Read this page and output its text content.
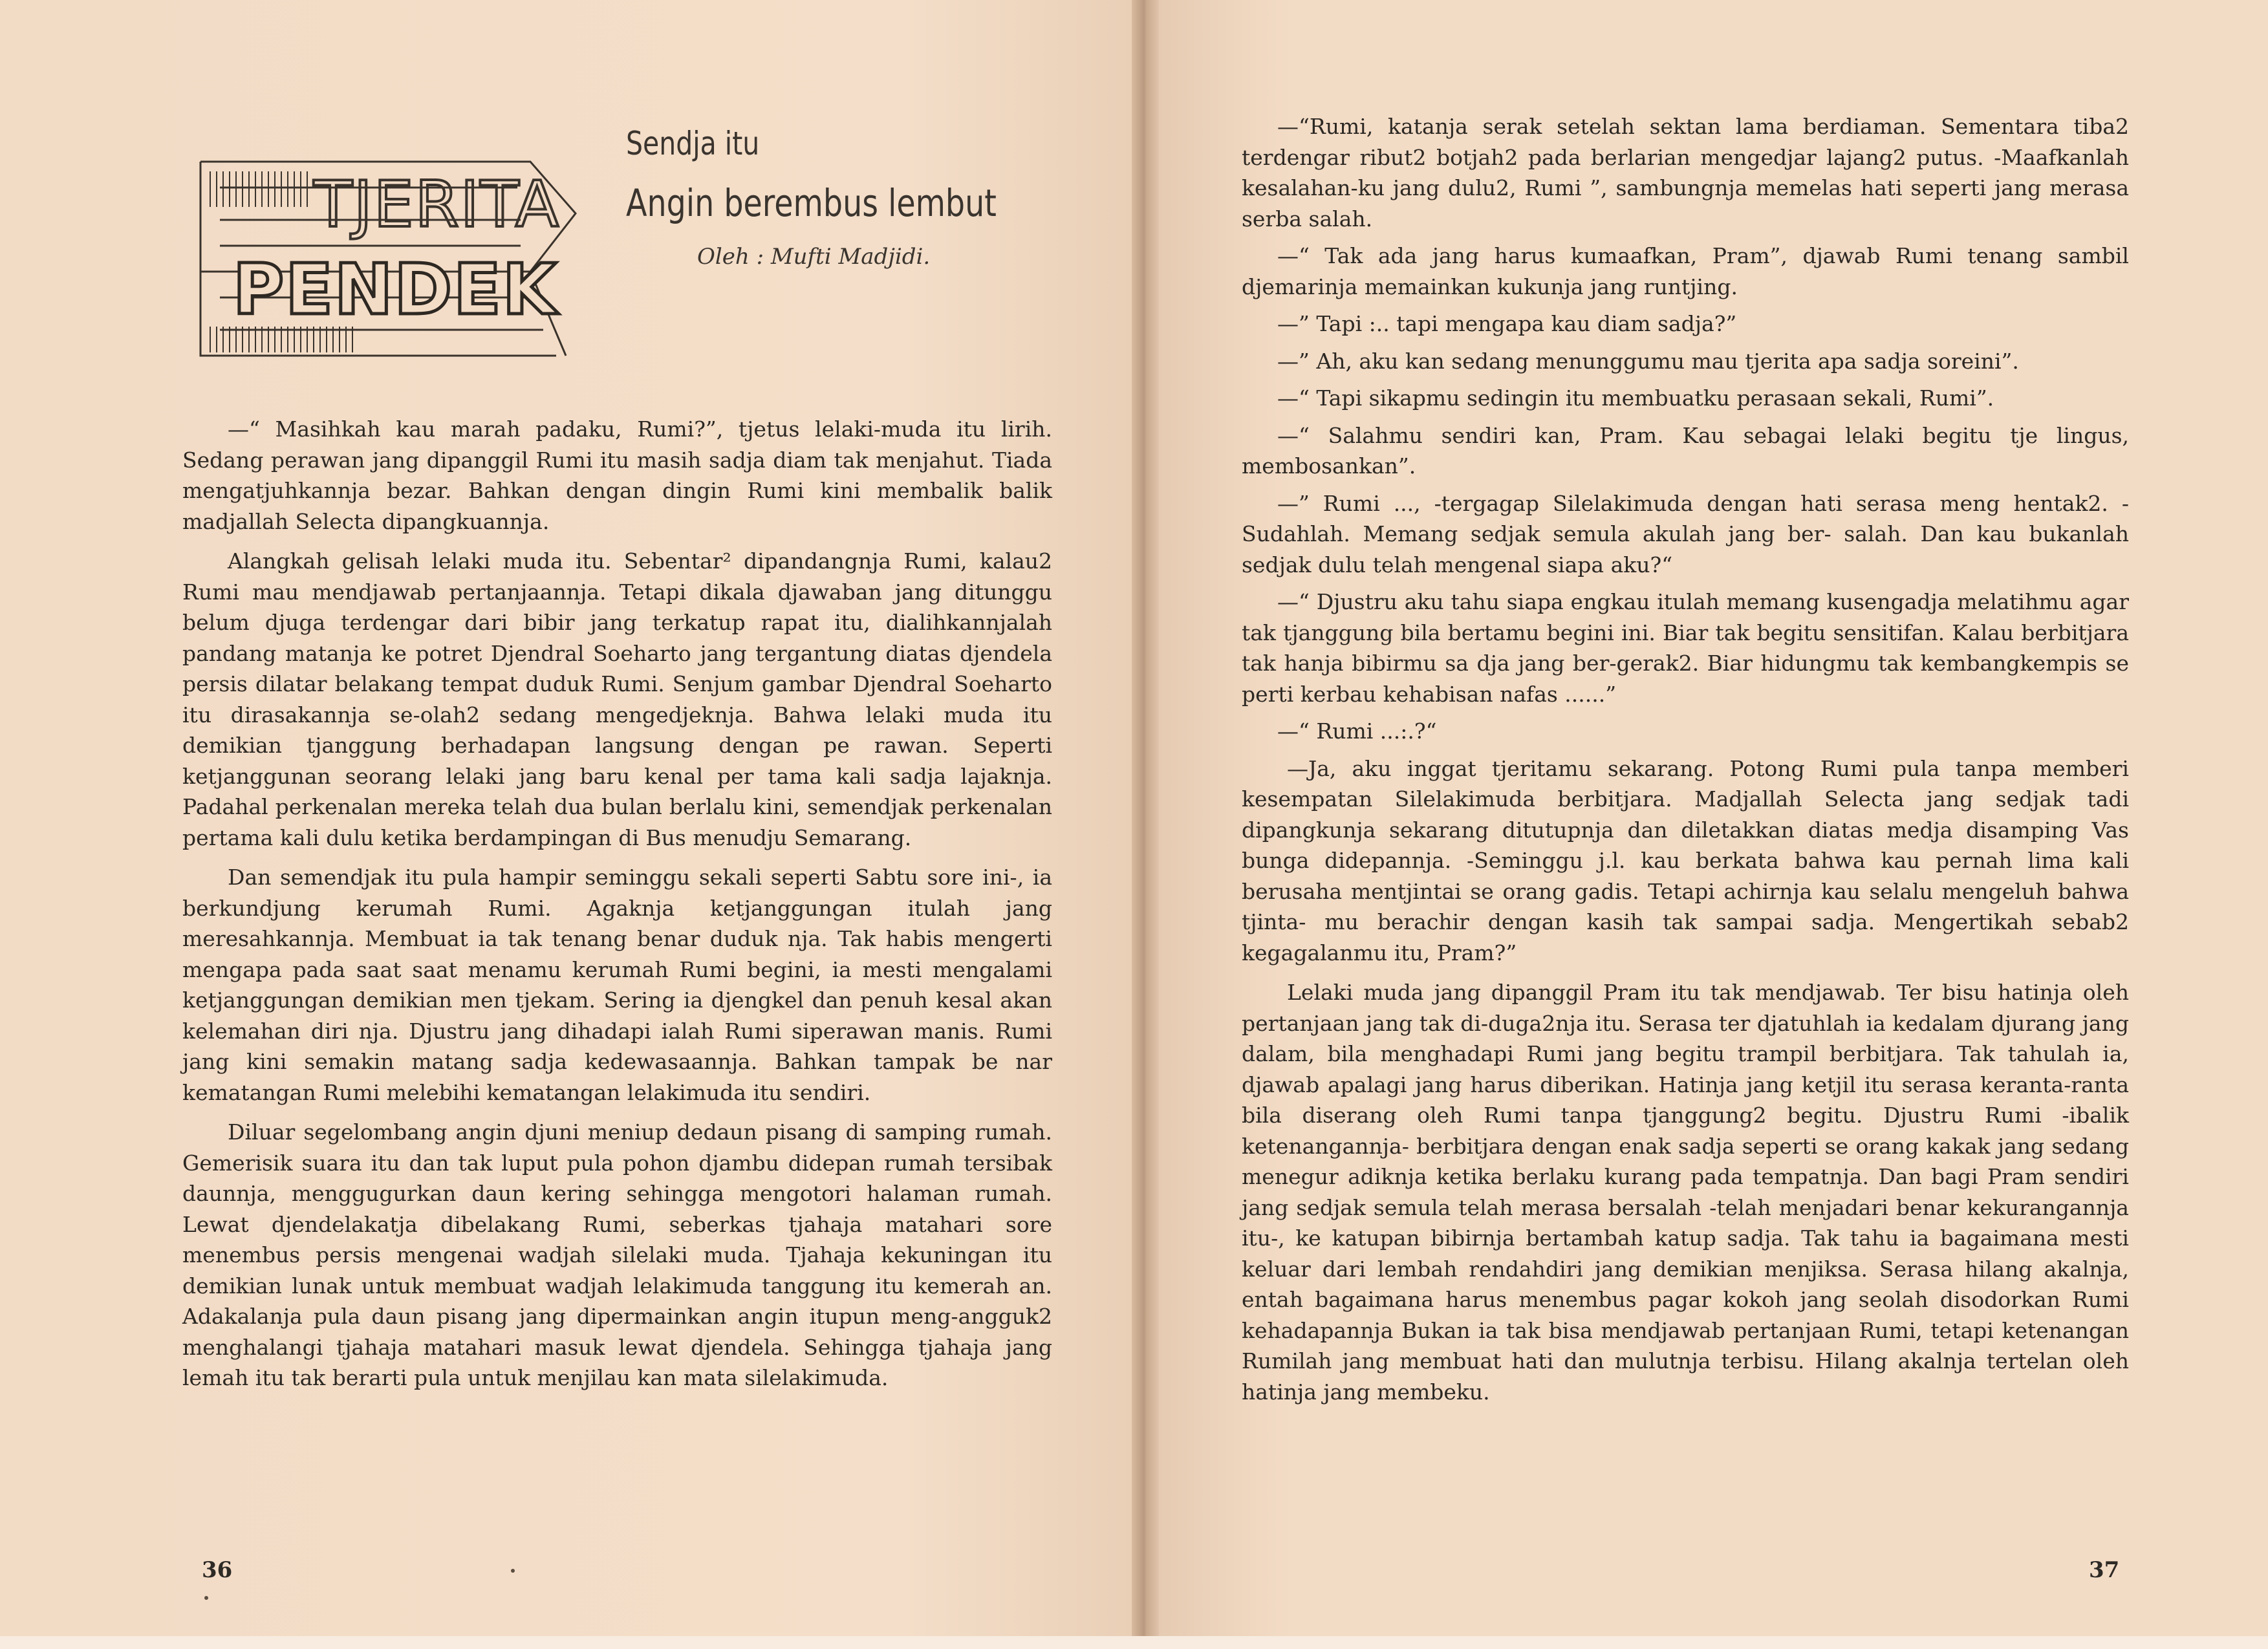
TJERITA
PENDEK
Sendja itu
Angin berembus lembut
Oleh : Mufti Madjidi.

—“ Masihkah kau marah padaku, Rumi?”, tjetus lelaki-muda itu lirih. Sedang perawan jang dipanggil Rumi itu masih sadja diam tak menjahut. Tiada mengatjuhkannja bezar. Bahkan dengan dingin Rumi kini membalik balik madjallah Selecta dipangkuannja.

Alangkah gelisah lelaki muda itu. Sebentar² dipandangnja Rumi, kalau2 Rumi mau mendjawab pertanjaannja. Tetapi dikala djawaban jang ditunggu belum djuga terdengar dari bibir jang terkatup rapat itu, dialihkannjalah pandang matanja ke potret Djendral Soeharto jang tergantung diatas djendela persis dilatar belakang tempat duduk Rumi. Senjum gambar Djendral Soeharto itu dirasakannja se-olah2 sedang mengedjeknja. Bahwa lelaki muda itu demikian tjanggung berhadapan langsung dengan pe rawan. Seperti ketjanggunan seorang lelaki jang baru kenal per tama kali sadja lajaknja. Padahal perkenalan mereka telah dua bulan berlalu kini, semendjak perkenalan pertama kali dulu ketika berdampingan di Bus menudju Semarang.

Dan semendjak itu pula hampir seminggu sekali seperti Sabtu sore ini-, ia berkundjung kerumah Rumi. Agaknja ketjanggungan itulah jang meresahkannja. Membuat ia tak tenang benar duduk nja. Tak habis mengerti mengapa pada saat saat menamu kerumah Rumi begini, ia mesti mengalami ketjanggungan demikian men tjekam. Sering ia djengkel dan penuh kesal akan kelemahan diri nja. Djustru jang dihadapi ialah Rumi siperawan manis. Rumi jang kini semakin matang sadja kedewasaannja. Bahkan tampak be nar kematangan Rumi melebihi kematangan lelakimuda itu sendiri.

Diluar segelombang angin djuni meniup dedaun pisang di samping rumah. Gemerisik suara itu dan tak luput pula pohon djambu didepan rumah tersibak daunnja, menggugurkan daun kering sehingga mengotori halaman rumah. Lewat djendelakatja dibelakang Rumi, seberkas tjahaja matahari sore menembus persis mengenai wadjah silelaki muda. Tjahaja kekuningan itu demikian lunak untuk membuat wadjah lelakimuda tanggung itu kemerah an. Adakalanja pula daun pisang jang dipermainkan angin itupun meng-angguk2 menghalangi tjahaja matahari masuk lewat djendela. Sehingga tjahaja jang lemah itu tak berarti pula untuk menjilau kan mata silelakimuda.

—“Rumi, katanja serak setelah sektan lama berdiaman. Sementara tiba2 terdengar ribut2 botjah2 pada berlarian mengedjar lajang2 putus. -Maafkanlah kesalahan-ku jang dulu2, Rumi ”, sambungnja memelas hati seperti jang merasa serba salah.

—“ Tak ada jang harus kumaafkan, Pram”, djawab Rumi tenang sambil djemarinja memainkan kukunja jang runtjing.

—” Tapi :.. tapi mengapa kau diam sadja?”

—” Ah, aku kan sedang menunggumu mau tjerita apa sadja soreini”.

—“ Tapi sikapmu sedingin itu membuatku perasaan sekali, Rumi”.

—“ Salahmu sendiri kan, Pram. Kau sebagai lelaki begitu tje lingus, membosankan”.

—” Rumi ..., -tergagap Silelakimuda dengan hati serasa meng hentak2. -Sudahlah. Memang sedjak semula akulah jang ber- salah. Dan kau bukanlah sedjak dulu telah mengenal siapa aku?“

—“ Djustru aku tahu siapa engkau itulah memang kusengadja melatihmu agar tak tjanggung bila bertamu begini ini. Biar tak begitu sensitifan. Kalau berbitjara tak hanja bibirmu sa dja jang ber-gerak2. Biar hidungmu tak kembangkempis se perti kerbau kehabisan nafas ......”

—“ Rumi ...:.?“

—Ja, aku inggat tjeritamu sekarang. Potong Rumi pula tanpa memberi kesempatan Silelakimuda berbitjara. Madjallah Selecta jang sedjak tadi dipangkunja sekarang ditutupnja dan diletakkan diatas medja disamping Vas bunga didepannja. -Seminggu j.l. kau berkata bahwa kau pernah lima kali berusaha mentjintai se orang gadis. Tetapi achirnja kau selalu mengeluh bahwa tjinta- mu berachir dengan kasih tak sampai sadja. Mengertikah sebab2 kegagalanmu itu, Pram?”

Lelaki muda jang dipanggil Pram itu tak mendjawab. Ter bisu hatinja oleh pertanjaan jang tak di-duga2nja itu. Serasa ter djatuhlah ia kedalam djurang jang dalam, bila menghadapi Rumi jang begitu trampil berbitjara. Tak tahulah ia, djawab apalagi jang harus diberikan. Hatinja jang ketjil itu serasa kerantа-ranta bila diserang oleh Rumi tanpa tjanggung2 begitu. Djustru Rumi -ibalik ketenangannja- berbitjara dengan enak sadja seperti se orang kakak jang sedang menegur adiknja ketika berlaku kurang pada tempatnja. Dan bagi Pram sendiri jang sedjak semula telah merasa bersalah -telah menjadari benar kekurangannja itu-, ke katupan bibirnja bertambah katup sadja. Tak tahu ia bagaimana mesti keluar dari lembah rendahdiri jang demikian menjiksa. Serasa hilang akalnja, entah bagaimana harus menembus pagar kokoh jang seolah disodorkan Rumi kehadapannja Bukan ia tak bisa mendjawab pertanjaan Rumi, tetapi ketenangan Rumilah jang membuat hati dan mulutnja terbisu. Hilang akalnja tertelan oleh hatinja jang membeku.

36	37
